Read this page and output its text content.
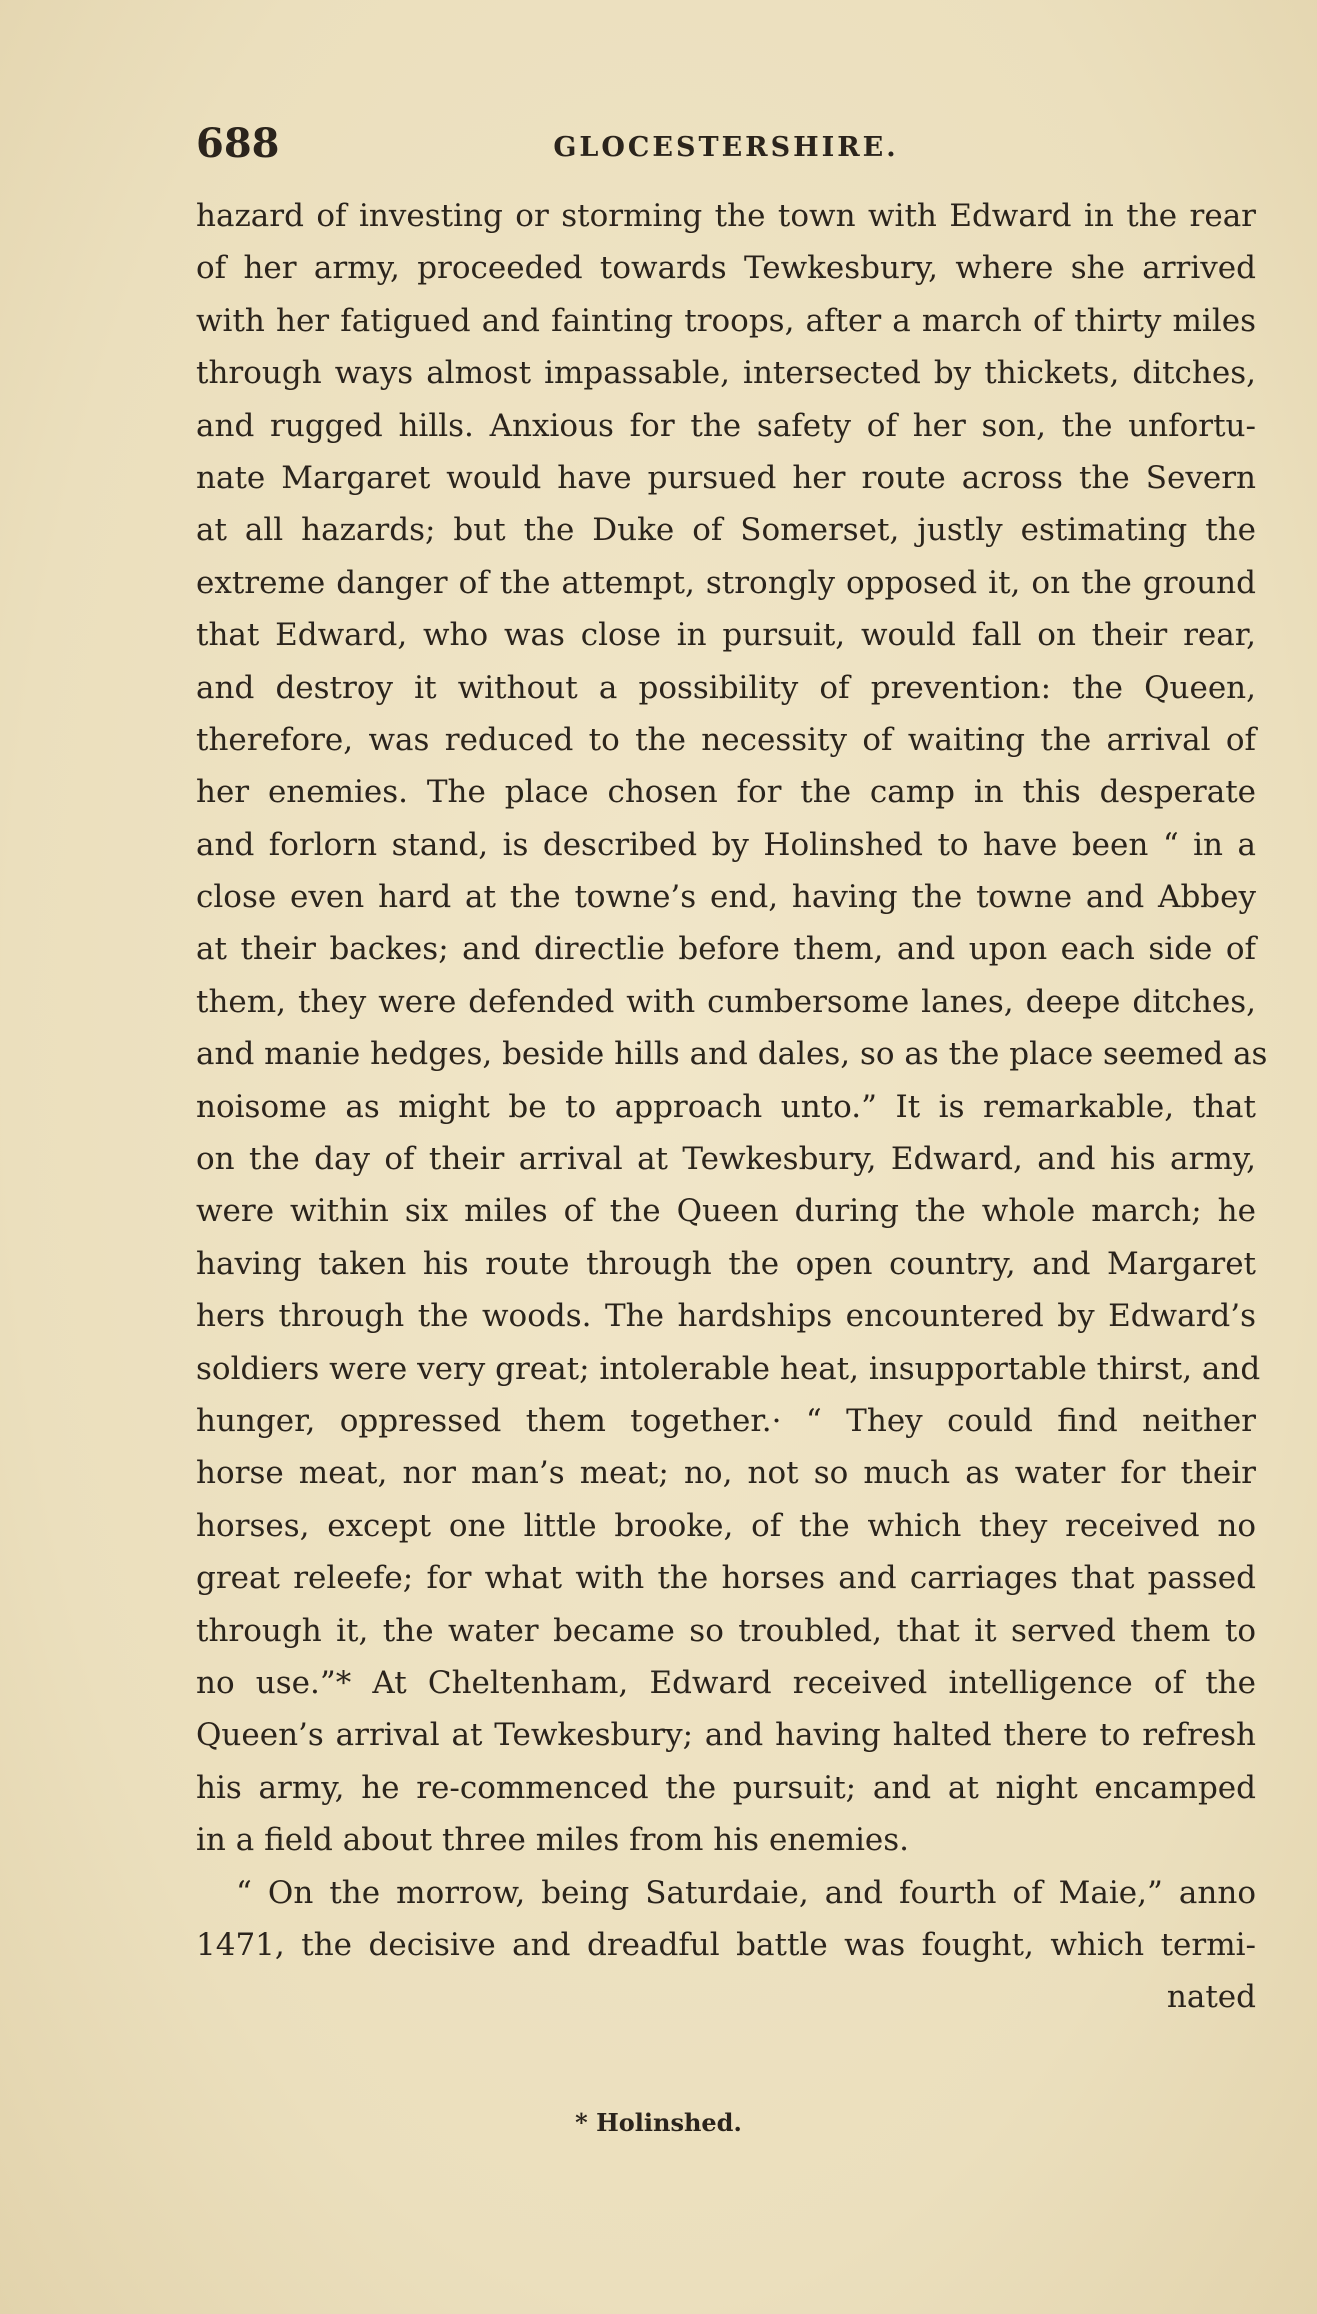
688	GLOCESTERSHIRE.
hazard of investing or storming the town with Edward in the rear
of her army, proceeded towards Tewkesbury, where she arrived
with her fatigued and fainting troops, after a march of thirty miles
through ways almost impassable, intersected by thickets, ditches,
and rugged hills. Anxious for the safety of her son, the unfortu-
nate Margaret would have pursued her route across the Severn
at all hazards; but the Duke of Somerset, justly estimating the
extreme danger of the attempt, strongly opposed it, on the ground
that Edward, who was close in pursuit, would fall on their rear,
and destroy it without a possibility of prevention: the Queen,
therefore, was reduced to the necessity of waiting the arrival of
her enemies. The place chosen for the camp in this desperate
and forlorn stand, is described by Holinshed to have been “ in a
close even hard at the towne’s end, having the towne and Abbey
at their backes; and directlie before them, and upon each side of
them, they were defended with cumbersome lanes, deepe ditches,
and manie hedges, beside hills and dales, so as the place seemed as
noisome as might be to approach unto.” It is remarkable, that
on the day of their arrival at Tewkesbury, Edward, and his army,
were within six miles of the Queen during the whole march; he
having taken his route through the open country, and Margaret
hers through the woods. The hardships encountered by Edward’s
soldiers were very great; intolerable heat, insupportable thirst, and
hunger, oppressed them together.· “ They could find neither
horse meat, nor man’s meat; no, not so much as water for their
horses, except one little brooke, of the which they received no
great releefe; for what with the horses and carriages that passed
through it, the water became so troubled, that it served them to
no use.”* At Cheltenham, Edward received intelligence of the
Queen’s arrival at Tewkesbury; and having halted there to refresh
his army, he re-commenced the pursuit; and at night encamped
in a field about three miles from his enemies.
“ On the morrow, being Saturdaie, and fourth of Maie,” anno
1471, the decisive and dreadful battle was fought, which termi-
nated
* Holinshed.
